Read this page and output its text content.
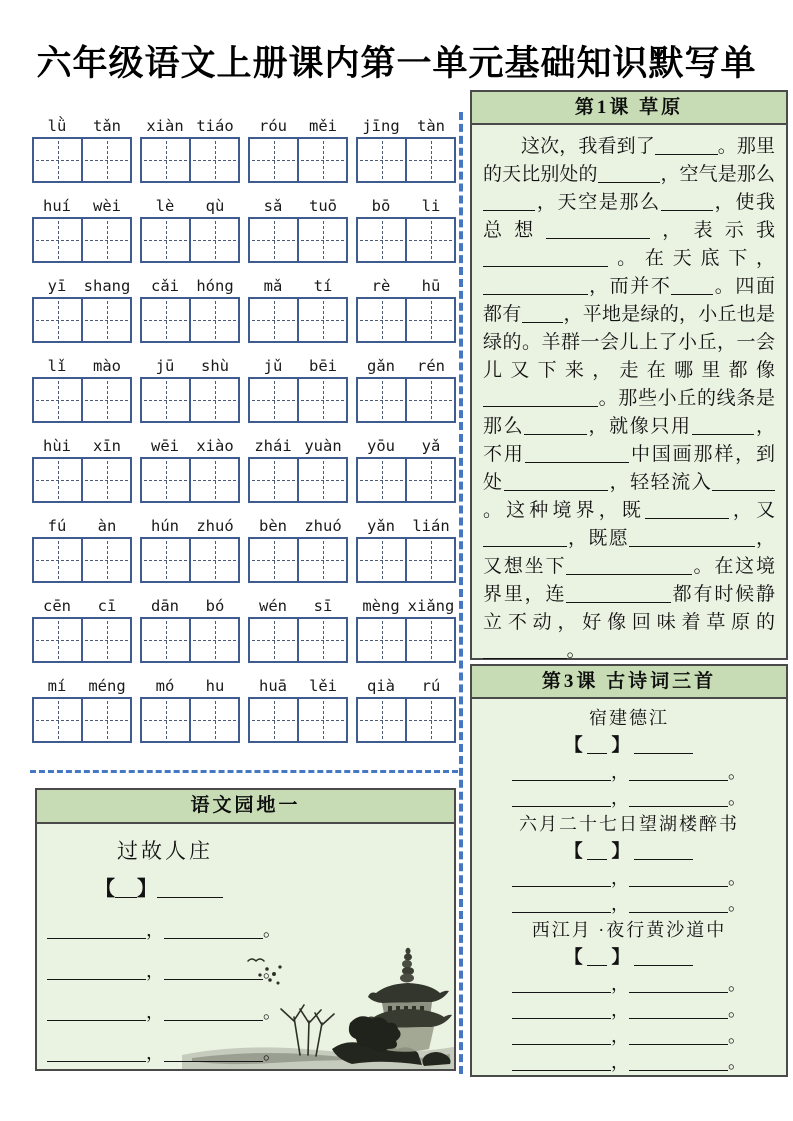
六年级语文上册课内第一单元基础知识默写单
lǜ	tǎn	xiàn tiáo	róu	měi	jīng	tàn
huí	wèi	lè	qù	sǎ	tuō	bō	li
yī	shang	cǎi	hóng	mǎ	tí	rè	hū
lǐ	mào	jū	shù	jǔ	bēi	gǎn	rén
hùi	xīn	wēi	xiào	zhái yuàn	yōu	yǎ
fú	àn	hún	zhuó	bèn	zhuó	yǎn	lián
cēn	cī	dān	bó	wén	sī	mèng xiǎng
mí	méng	mó	hu	huā	lěi	qià	rú
第1课 草原
这次，我看到了	。那里的天比别处的	，空气是那么，天空是那么	，使我总想	，表示我。在天底下，，而并不 。四面都有 ，平地是绿的，小丘也是绿的。羊群一会儿上了小丘，一会儿又下来，走在哪里都像。那些小丘的线条是那么	，就像只用	，不用	中国画那样，到处	，轻轻流入。这种境界，既	，又，既愿	，又想坐下	。在这境界里，连	都有时候静立不动，好像回味着草原的。
第3课 古诗词三首
宿建德江
【  】
，	。
，	。
六月二十七日望湖楼醉书
【  】
，	。
，	。
西江月 ·夜行黄沙道中
【  】
，	。
，	。
，	。
，	。
语文园地一
过故人庄
【 】
，	。
，	。
，	。
，	。
